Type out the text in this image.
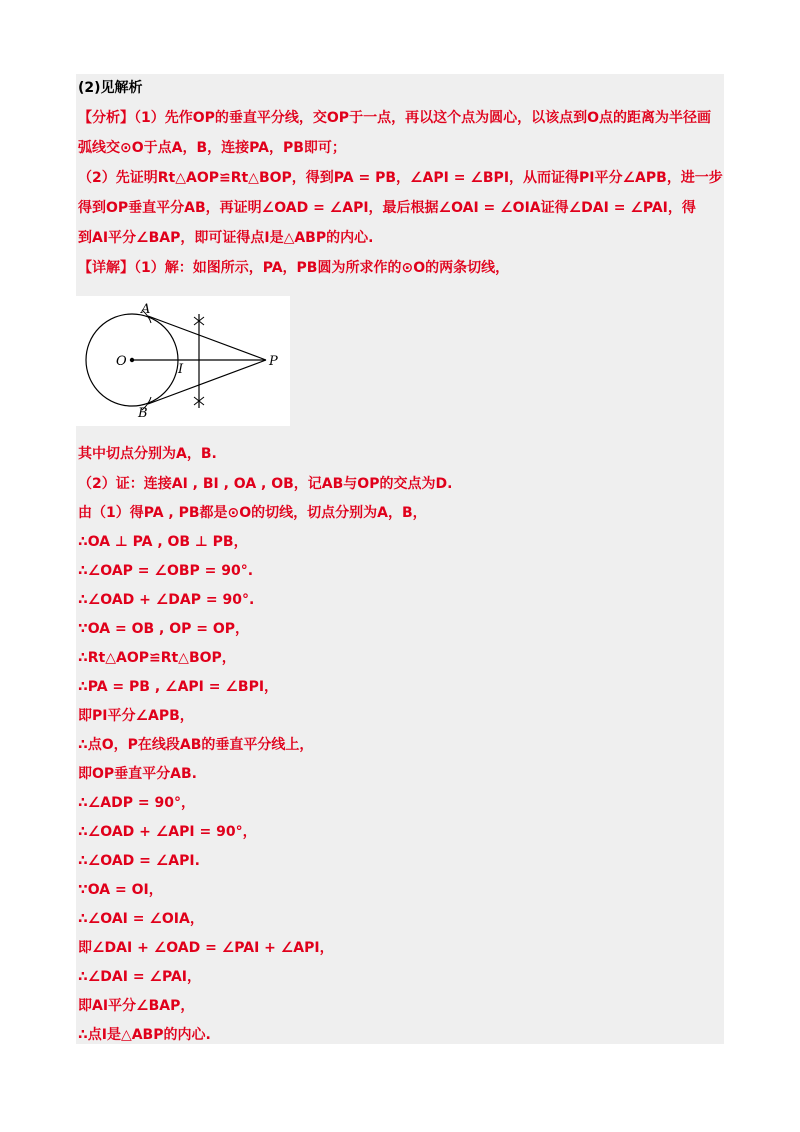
(2)见解析
【分析】（1）先作OP的垂直平分线，交OP于一点，再以这个点为圆心，以该点到O点的距离为半径画
弧线交⊙O于点A，B，连接PA，PB即可；
（2）先证明Rt△AOP≌Rt△BOP，得到PA = PB，∠API = ∠BPI，从而证得PI平分∠APB，进一步
得到OP垂直平分AB，再证明∠OAD = ∠API，最后根据∠OAI = ∠OIA证得∠DAI = ∠PAI，得
到AI平分∠BAP，即可证得点I是△ABP的内心.
【详解】（1）解：如图所示，PA，PB圆为所求作的⊙O的两条切线，
A
B
O
I
P
其中切点分别为A，B.
（2）证：连接AI , BI , OA , OB，记AB与OP的交点为D.
由（1）得PA , PB都是⊙O的切线，切点分别为A，B，
∴OA ⊥ PA , OB ⊥ PB，
∴∠OAP = ∠OBP = 90°.
∴∠OAD + ∠DAP = 90°.
∵OA = OB , OP = OP，
∴Rt△AOP≌Rt△BOP，
∴PA = PB , ∠API = ∠BPI，
即PI平分∠APB，
∴点O，P在线段AB的垂直平分线上，
即OP垂直平分AB.
∴∠ADP = 90°，
∴∠OAD + ∠API = 90°，
∴∠OAD = ∠API.
∵OA = OI，
∴∠OAI = ∠OIA，
即∠DAI + ∠OAD = ∠PAI + ∠API，
∴∠DAI = ∠PAI，
即AI平分∠BAP，
∴点I是△ABP的内心.
